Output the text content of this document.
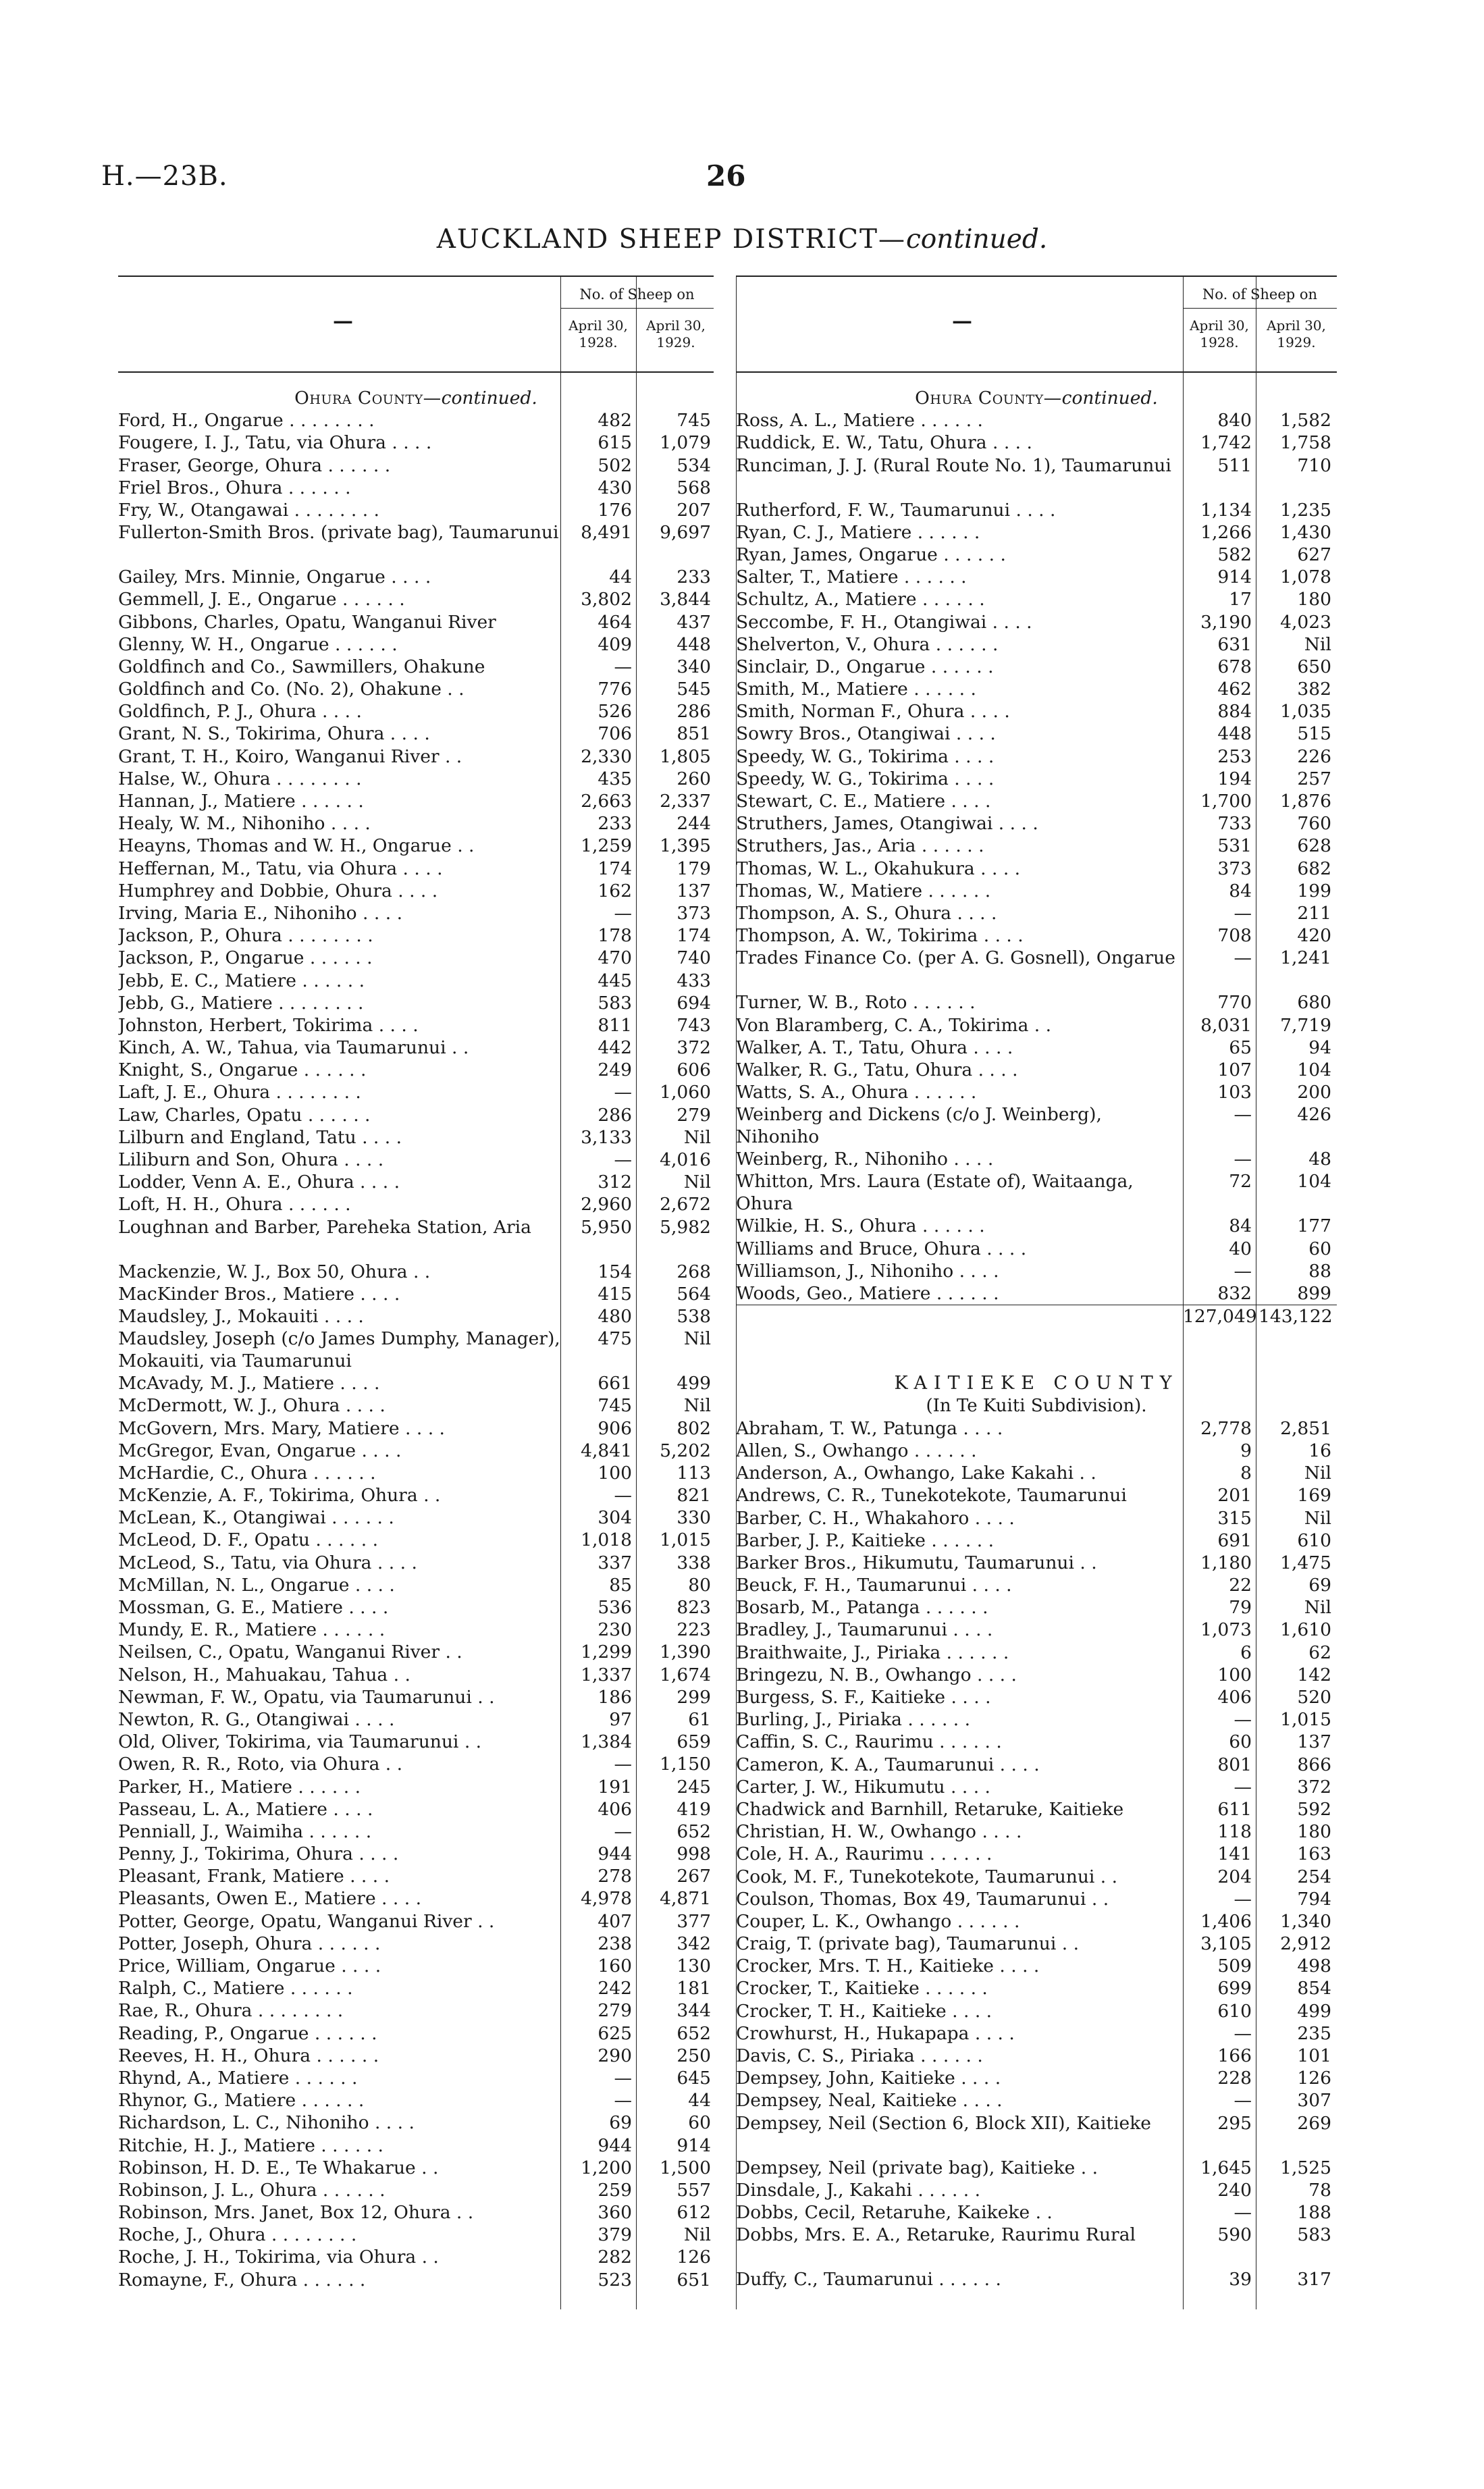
H.—23B.	26
AUCKLAND SHEEP DISTRICT—continued.
—
No. of Sheep on
April 30, 1928.
April 30, 1929.
Ohura County—continued.
Ford, H., Ongarue . . . . . . . .	482	745
Fougere, I. J., Tatu, via Ohura . . . .	615	1,079
Fraser, George, Ohura . . . . . .	502	534
Friel Bros., Ohura . . . . . .	430	568
Fry, W., Otangawai . . . . . . . .	176	207
Fullerton-Smith Bros. (private bag), Taumarunui	8,491	9,697
Gailey, Mrs. Minnie, Ongarue . . . .	44	233
Gemmell, J. E., Ongarue . . . . . .	3,802	3,844
Gibbons, Charles, Opatu, Wanganui River	464	437
Glenny, W. H., Ongarue . . . . . .	409	448
Goldfinch and Co., Sawmillers, Ohakune	—	340
Goldfinch and Co. (No. 2), Ohakune . .	776	545
Goldfinch, P. J., Ohura . . . .	526	286
Grant, N. S., Tokirima, Ohura . . . .	706	851
Grant, T. H., Koiro, Wanganui River . .	2,330	1,805
Halse, W., Ohura . . . . . . . .	435	260
Hannan, J., Matiere . . . . . .	2,663	2,337
Healy, W. M., Nihoniho . . . .	233	244
Heayns, Thomas and W. H., Ongarue . .	1,259	1,395
Heffernan, M., Tatu, via Ohura . . . .	174	179
Humphrey and Dobbie, Ohura . . . .	162	137
Irving, Maria E., Nihoniho . . . .	—	373
Jackson, P., Ohura . . . . . . . .	178	174
Jackson, P., Ongarue . . . . . .	470	740
Jebb, E. C., Matiere . . . . . .	445	433
Jebb, G., Matiere . . . . . . . .	583	694
Johnston, Herbert, Tokirima . . . .	811	743
Kinch, A. W., Tahua, via Taumarunui . .	442	372
Knight, S., Ongarue . . . . . .	249	606
Laft, J. E., Ohura . . . . . . . .	—	1,060
Law, Charles, Opatu . . . . . .	286	279
Lilburn and England, Tatu . . . .	3,133	Nil
Liliburn and Son, Ohura . . . .	—	4,016
Lodder, Venn A. E., Ohura . . . .	312	Nil
Loft, H. H., Ohura . . . . . .	2,960	2,672
Loughnan and Barber, Pareheka Station, Aria	5,950	5,982
Mackenzie, W. J., Box 50, Ohura . .	154	268
MacKinder Bros., Matiere . . . .	415	564
Maudsley, J., Mokauiti . . . .	480	538
Maudsley, Joseph (c/o James Dumphy, Manager), Mokauiti, via Taumarunui
475	Nil
McAvady, M. J., Matiere . . . .	661	499
McDermott, W. J., Ohura . . . .	745	Nil
McGovern, Mrs. Mary, Matiere . . . .	906	802
McGregor, Evan, Ongarue . . . .	4,841	5,202
McHardie, C., Ohura . . . . . .	100	113
McKenzie, A. F., Tokirima, Ohura . .	—	821
McLean, K., Otangiwai . . . . . .	304	330
McLeod, D. F., Opatu . . . . . .	1,018	1,015
McLeod, S., Tatu, via Ohura . . . .	337	338
McMillan, N. L., Ongarue . . . .	85	80
Mossman, G. E., Matiere . . . .	536	823
Mundy, E. R., Matiere . . . . . .	230	223
Neilsen, C., Opatu, Wanganui River . .	1,299	1,390
Nelson, H., Mahuakau, Tahua . .	1,337	1,674
Newman, F. W., Opatu, via Taumarunui . .	186	299
Newton, R. G., Otangiwai . . . .	97	61
Old, Oliver, Tokirima, via Taumarunui . .	1,384	659
Owen, R. R., Roto, via Ohura . .	—	1,150
Parker, H., Matiere . . . . . .	191	245
Passeau, L. A., Matiere . . . .	406	419
Penniall, J., Waimiha . . . . . .	—	652
Penny, J., Tokirima, Ohura . . . .	944	998
Pleasant, Frank, Matiere . . . .	278	267
Pleasants, Owen E., Matiere . . . .	4,978	4,871
Potter, George, Opatu, Wanganui River . .	407	377
Potter, Joseph, Ohura . . . . . .	238	342
Price, William, Ongarue . . . .	160	130
Ralph, C., Matiere . . . . . .	242	181
Rae, R., Ohura . . . . . . . .	279	344
Reading, P., Ongarue . . . . . .	625	652
Reeves, H. H., Ohura . . . . . .	290	250
Rhynd, A., Matiere . . . . . .	—	645
Rhynor, G., Matiere . . . . . .	—	44
Richardson, L. C., Nihoniho . . . .	69	60
Ritchie, H. J., Matiere . . . . . .	944	914
Robinson, H. D. E., Te Whakarue . .	1,200	1,500
Robinson, J. L., Ohura . . . . . .	259	557
Robinson, Mrs. Janet, Box 12, Ohura . .	360	612
Roche, J., Ohura . . . . . . . .	379	Nil
Roche, J. H., Tokirima, via Ohura . .	282	126
Romayne, F., Ohura . . . . . .	523	651
—
No. of Sheep on
April 30, 1928.
April 30, 1929.
Ohura County—continued.
Ross, A. L., Matiere . . . . . .	840	1,582
Ruddick, E. W., Tatu, Ohura . . . .	1,742	1,758
Runciman, J. J. (Rural Route No. 1), Taumarunui	511	710
Rutherford, F. W., Taumarunui . . . .	1,134	1,235
Ryan, C. J., Matiere . . . . . .	1,266	1,430
Ryan, James, Ongarue . . . . . .	582	627
Salter, T., Matiere . . . . . .	914	1,078
Schultz, A., Matiere . . . . . .	17	180
Seccombe, F. H., Otangiwai . . . .	3,190	4,023
Shelverton, V., Ohura . . . . . .	631	Nil
Sinclair, D., Ongarue . . . . . .	678	650
Smith, M., Matiere . . . . . .	462	382
Smith, Norman F., Ohura . . . .	884	1,035
Sowry Bros., Otangiwai . . . .	448	515
Speedy, W. G., Tokirima . . . .	253	226
Speedy, W. G., Tokirima . . . .	194	257
Stewart, C. E., Matiere . . . .	1,700	1,876
Struthers, James, Otangiwai . . . .	733	760
Struthers, Jas., Aria . . . . . .	531	628
Thomas, W. L., Okahukura . . . .	373	682
Thomas, W., Matiere . . . . . .	84	199
Thompson, A. S., Ohura . . . .	—	211
Thompson, A. W., Tokirima . . . .	708	420
Trades Finance Co. (per A. G. Gosnell), Ongarue	—	1,241
Turner, W. B., Roto . . . . . .	770	680
Von Blaramberg, C. A., Tokirima . .	8,031	7,719
Walker, A. T., Tatu, Ohura . . . .	65	94
Walker, R. G., Tatu, Ohura . . . .	107	104
Watts, S. A., Ohura . . . . . .	103	200
Weinberg and Dickens (c/o J. Weinberg), Nihoniho
—	426
Weinberg, R., Nihoniho . . . .	—	48
Whitton, Mrs. Laura (Estate of), Waitaanga, Ohura
72	104
Wilkie, H. S., Ohura . . . . . .	84	177
Williams and Bruce, Ohura . . . .	40	60
Williamson, J., Nihoniho . . . .	—	88
Woods, Geo., Matiere . . . . . .	832	899
127,049 143,122
KAITIEKE COUNTY
(In Te Kuiti Subdivision).
Abraham, T. W., Patunga . . . .	2,778	2,851
Allen, S., Owhango . . . . . .	9	16
Anderson, A., Owhango, Lake Kakahi . .	8	Nil
Andrews, C. R., Tunekotekote, Taumarunui	201	169
Barber, C. H., Whakahoro . . . .	315	Nil
Barber, J. P., Kaitieke . . . . . .	691	610
Barker Bros., Hikumutu, Taumarunui . .	1,180	1,475
Beuck, F. H., Taumarunui . . . .	22	69
Bosarb, M., Patanga . . . . . .	79	Nil
Bradley, J., Taumarunui . . . .	1,073	1,610
Braithwaite, J., Piriaka . . . . . .	6	62
Bringezu, N. B., Owhango . . . .	100	142
Burgess, S. F., Kaitieke . . . .	406	520
Burling, J., Piriaka . . . . . .	—	1,015
Caffin, S. C., Raurimu . . . . . .	60	137
Cameron, K. A., Taumarunui . . . .	801	866
Carter, J. W., Hikumutu . . . .	—	372
Chadwick and Barnhill, Retaruke, Kaitieke	611	592
Christian, H. W., Owhango . . . .	118	180
Cole, H. A., Raurimu . . . . . .	141	163
Cook, M. F., Tunekotekote, Taumarunui . .	204	254
Coulson, Thomas, Box 49, Taumarunui . .	—	794
Couper, L. K., Owhango . . . . . .	1,406	1,340
Craig, T. (private bag), Taumarunui . .	3,105	2,912
Crocker, Mrs. T. H., Kaitieke . . . .	509	498
Crocker, T., Kaitieke . . . . . .	699	854
Crocker, T. H., Kaitieke . . . .	610	499
Crowhurst, H., Hukapapa . . . .	—	235
Davis, C. S., Piriaka . . . . . .	166	101
Dempsey, John, Kaitieke . . . .	228	126
Dempsey, Neal, Kaitieke . . . .	—	307
Dempsey, Neil (Section 6, Block XII), Kaitieke	295	269
Dempsey, Neil (private bag), Kaitieke . .	1,645	1,525
Dinsdale, J., Kakahi . . . . . .	240	78
Dobbs, Cecil, Retaruhe, Kaikeke . .	—	188
Dobbs, Mrs. E. A., Retaruke, Raurimu Rural	590	583
Duffy, C., Taumarunui . . . . . .	39	317
